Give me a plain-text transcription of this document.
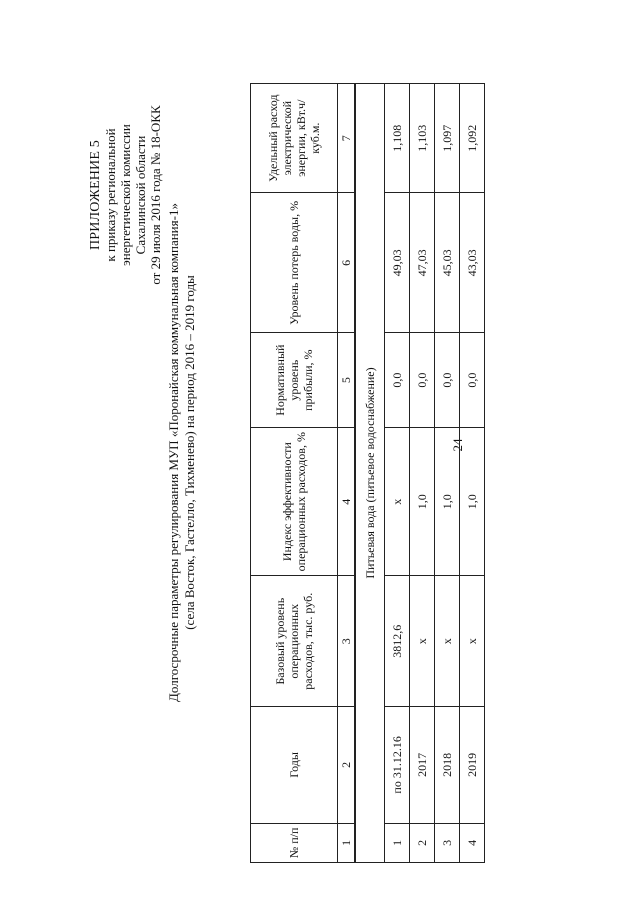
24
ПРИЛОЖЕНИЕ 5 к приказу региональной энергетической комиссии Сахалинской области от 29 июля 2016 года № 18-ОКК
Долгосрочные параметры регулирования МУП «Поронайская коммунальная компания-1» (села Восток, Гастелло, Тихменево) на период 2016 – 2019 годы
№ п/п	Годы	Базовый уровень операционных расходов, тыс. руб.	Индекс эффективности операционных расходов, %	Нормативный уровень прибыли, %	Уровень потерь воды, %	Удельный расход электрической энергии, кВт.ч/куб.м.
1	2	3	4	5	6	7
Питьевая вода (питьевое водоснабжение)						
1	по 31.12.16	3812,6	x	0,0	49,03	1,108
2	2017	x	1,0	0,0	47,03	1,103
3	2018	x	1,0	0,0	45,03	1,097
4	2019	x	1,0	0,0	43,03	1,092
